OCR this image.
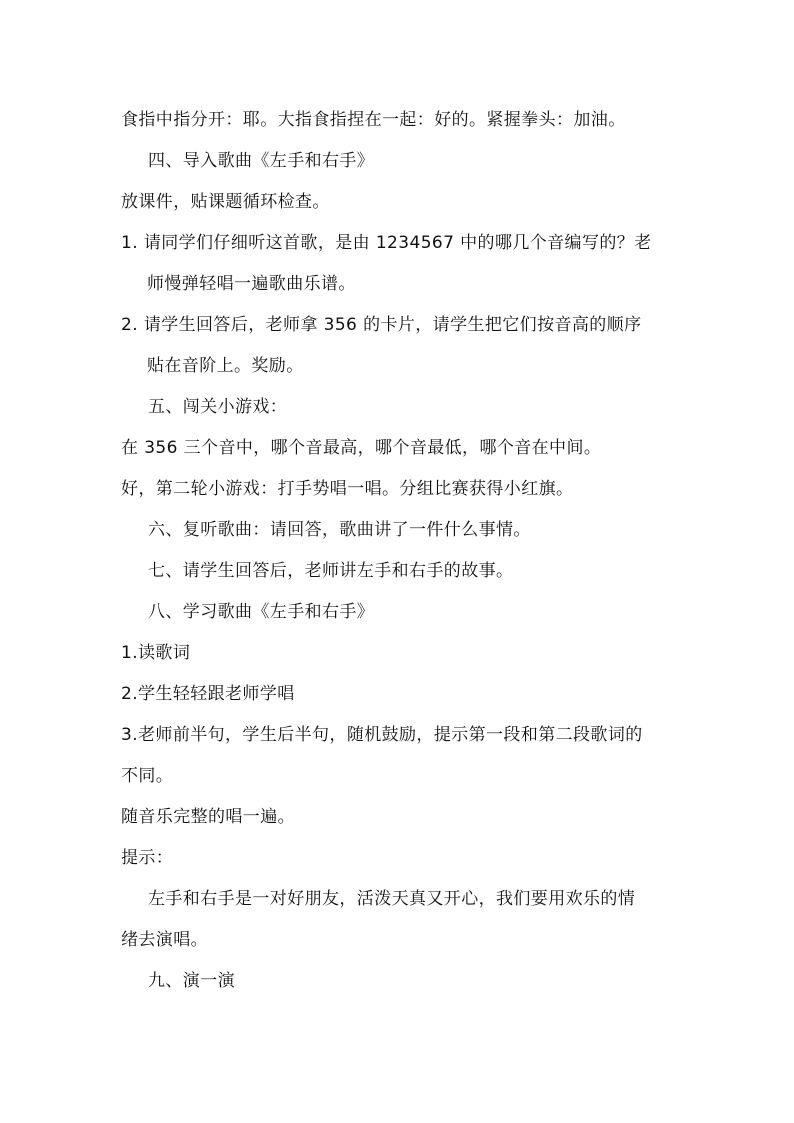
食指中指分开：耶。大指食指捏在一起：好的。紧握拳头：加油。
四、导入歌曲《左手和右手》
放课件，贴课题循环检查。
1. 请同学们仔细听这首歌，是由 1234567 中的哪几个音编写的？老
师慢弹轻唱一遍歌曲乐谱。
2. 请学生回答后，老师拿 356 的卡片，请学生把它们按音高的顺序
贴在音阶上。奖励。
五、闯关小游戏：
在 356 三个音中，哪个音最高，哪个音最低，哪个音在中间。
好，第二轮小游戏：打手势唱一唱。分组比赛获得小红旗。
六、复听歌曲：请回答，歌曲讲了一件什么事情。
七、请学生回答后，老师讲左手和右手的故事。
八、学习歌曲《左手和右手》
1.读歌词
2.学生轻轻跟老师学唱
3.老师前半句，学生后半句，随机鼓励，提示第一段和第二段歌词的
不同。
随音乐完整的唱一遍。
提示：
左手和右手是一对好朋友，活泼天真又开心，我们要用欢乐的情
绪去演唱。
九、演一演
